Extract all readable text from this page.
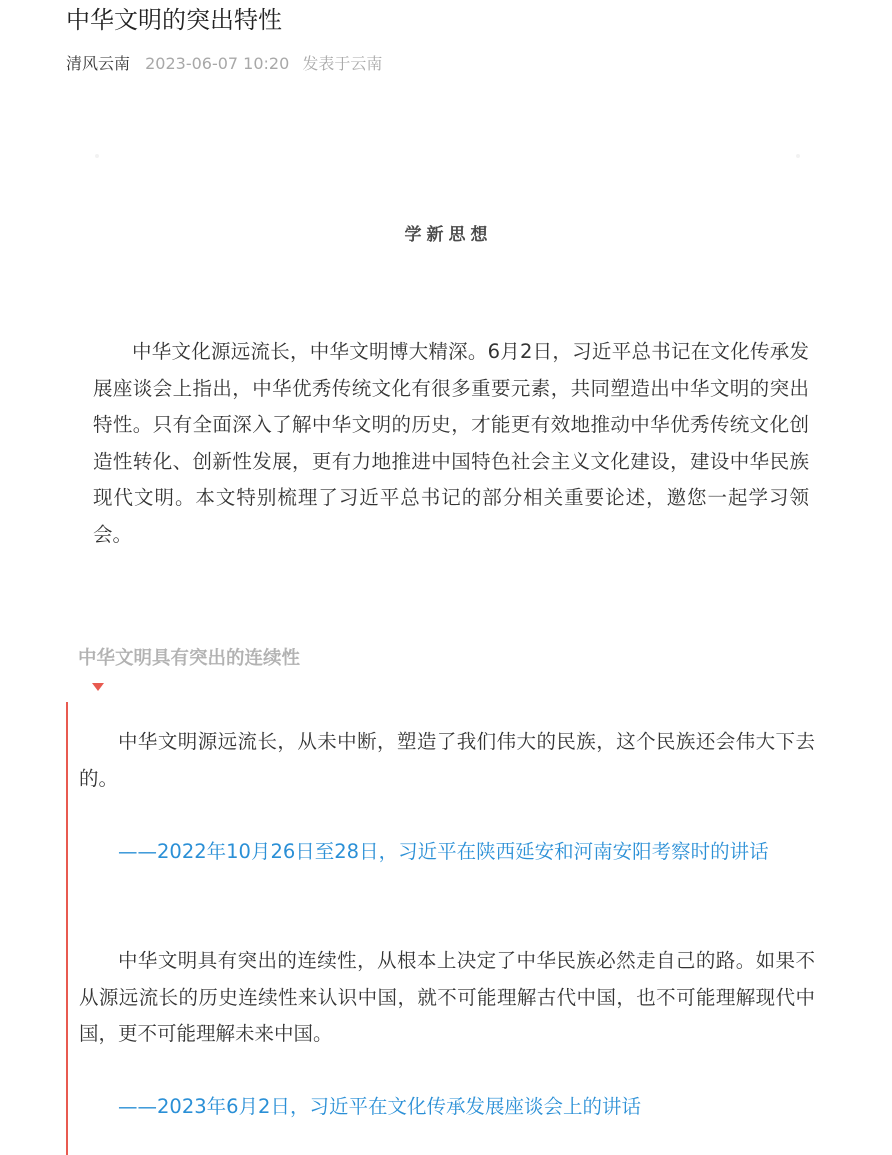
中华文明的突出特性
清风云南 2023-06-07 10:20 发表于云南
学新思想

中华文化源远流长，中华文明博大精深。6月2日，习近平总书记在文化传承发展座谈会上指出，中华优秀传统文化有很多重要元素，共同塑造出中华文明的突出特性。只有全面深入了解中华文明的历史，才能更有效地推动中华优秀传统文化创造性转化、创新性发展，更有力地推进中国特色社会主义文化建设，建设中华民族现代文明。本文特别梳理了习近平总书记的部分相关重要论述，邀您一起学习领会。

中华文明具有突出的连续性

中华文明源远流长，从未中断，塑造了我们伟大的民族，这个民族还会伟大下去的。

——2022年10月26日至28日，习近平在陕西延安和河南安阳考察时的讲话

中华文明具有突出的连续性，从根本上决定了中华民族必然走自己的路。如果不从源远流长的历史连续性来认识中国，就不可能理解古代中国，也不可能理解现代中国，更不可能理解未来中国。

——2023年6月2日，习近平在文化传承发展座谈会上的讲话
